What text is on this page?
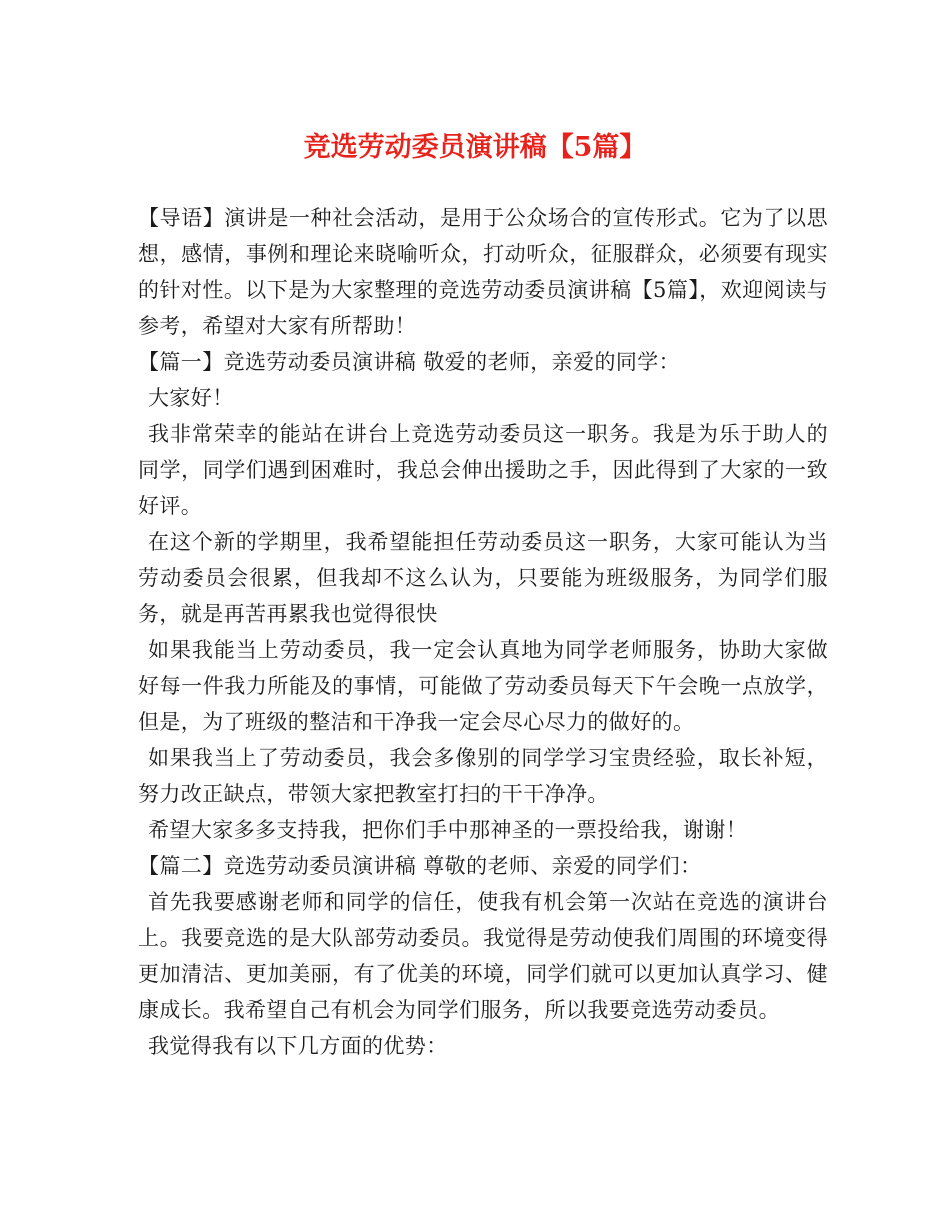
竞选劳动委员演讲稿【5篇】

【导语】演讲是一种社会活动，是用于公众场合的宣传形式。它为了以思想，感情，事例和理论来晓喻听众，打动听众，征服群众，必须要有现实的针对性。以下是为大家整理的竞选劳动委员演讲稿【5篇】，欢迎阅读与参考，希望对大家有所帮助！

【篇一】竞选劳动委员演讲稿 敬爱的老师，亲爱的同学：

大家好！

我非常荣幸的能站在讲台上竞选劳动委员这一职务。我是为乐于助人的同学，同学们遇到困难时，我总会伸出援助之手，因此得到了大家的一致好评。

在这个新的学期里，我希望能担任劳动委员这一职务，大家可能认为当劳动委员会很累，但我却不这么认为，只要能为班级服务，为同学们服务，就是再苦再累我也觉得很快

如果我能当上劳动委员，我一定会认真地为同学老师服务，协助大家做好每一件我力所能及的事情，可能做了劳动委员每天下午会晚一点放学，但是，为了班级的整洁和干净我一定会尽心尽力的做好的。

如果我当上了劳动委员，我会多像别的同学学习宝贵经验，取长补短，努力改正缺点，带领大家把教室打扫的干干净净。

希望大家多多支持我，把你们手中那神圣的一票投给我，谢谢！

【篇二】竞选劳动委员演讲稿 尊敬的老师、亲爱的同学们：

首先我要感谢老师和同学的信任，使我有机会第一次站在竞选的演讲台上。我要竞选的是大队部劳动委员。我觉得是劳动使我们周围的环境变得更加清洁、更加美丽，有了优美的环境，同学们就可以更加认真学习、健康成长。我希望自己有机会为同学们服务，所以我要竞选劳动委员。

我觉得我有以下几方面的优势：
